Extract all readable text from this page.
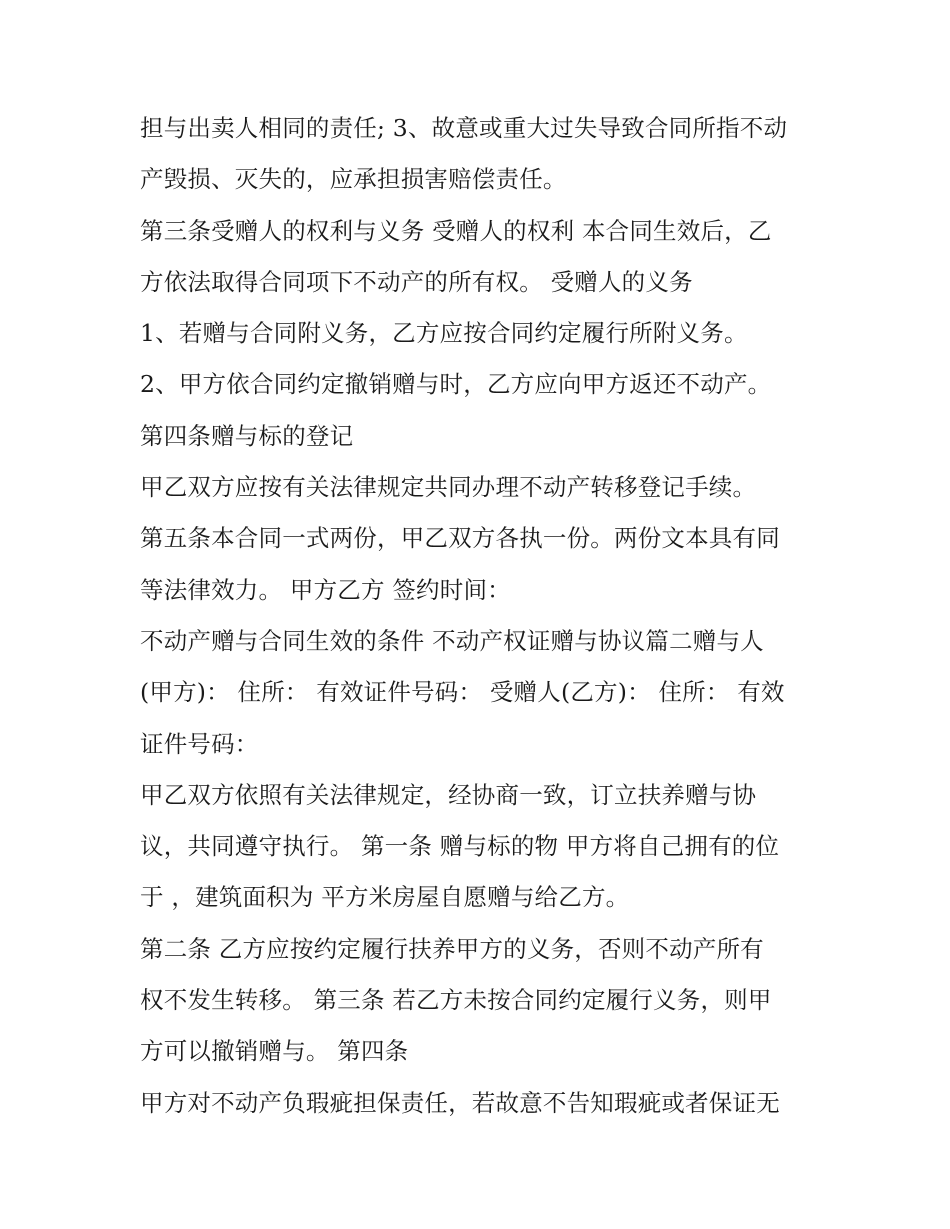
担与出卖人相同的责任; 3、故意或重大过失导致合同所指不动
产毁损、灭失的，应承担损害赔偿责任。
第三条受赠人的权利与义务 受赠人的权利 本合同生效后，乙
方依法取得合同项下不动产的所有权。 受赠人的义务
1、若赠与合同附义务，乙方应按合同约定履行所附义务。
2、甲方依合同约定撤销赠与时，乙方应向甲方返还不动产。
第四条赠与标的登记
甲乙双方应按有关法律规定共同办理不动产转移登记手续。
第五条本合同一式两份，甲乙双方各执一份。两份文本具有同
等法律效力。 甲方乙方 签约时间：
不动产赠与合同生效的条件 不动产权证赠与协议篇二赠与人
(甲方)： 住所： 有效证件号码： 受赠人(乙方)： 住所： 有效
证件号码：
甲乙双方依照有关法律规定，经协商一致，订立扶养赠与协
议，共同遵守执行。 第一条 赠与标的物 甲方将自己拥有的位
于 ，建筑面积为 平方米房屋自愿赠与给乙方。
第二条 乙方应按约定履行扶养甲方的义务，否则不动产所有
权不发生转移。 第三条 若乙方未按合同约定履行义务，则甲
方可以撤销赠与。 第四条
甲方对不动产负瑕疵担保责任，若故意不告知瑕疵或者保证无
